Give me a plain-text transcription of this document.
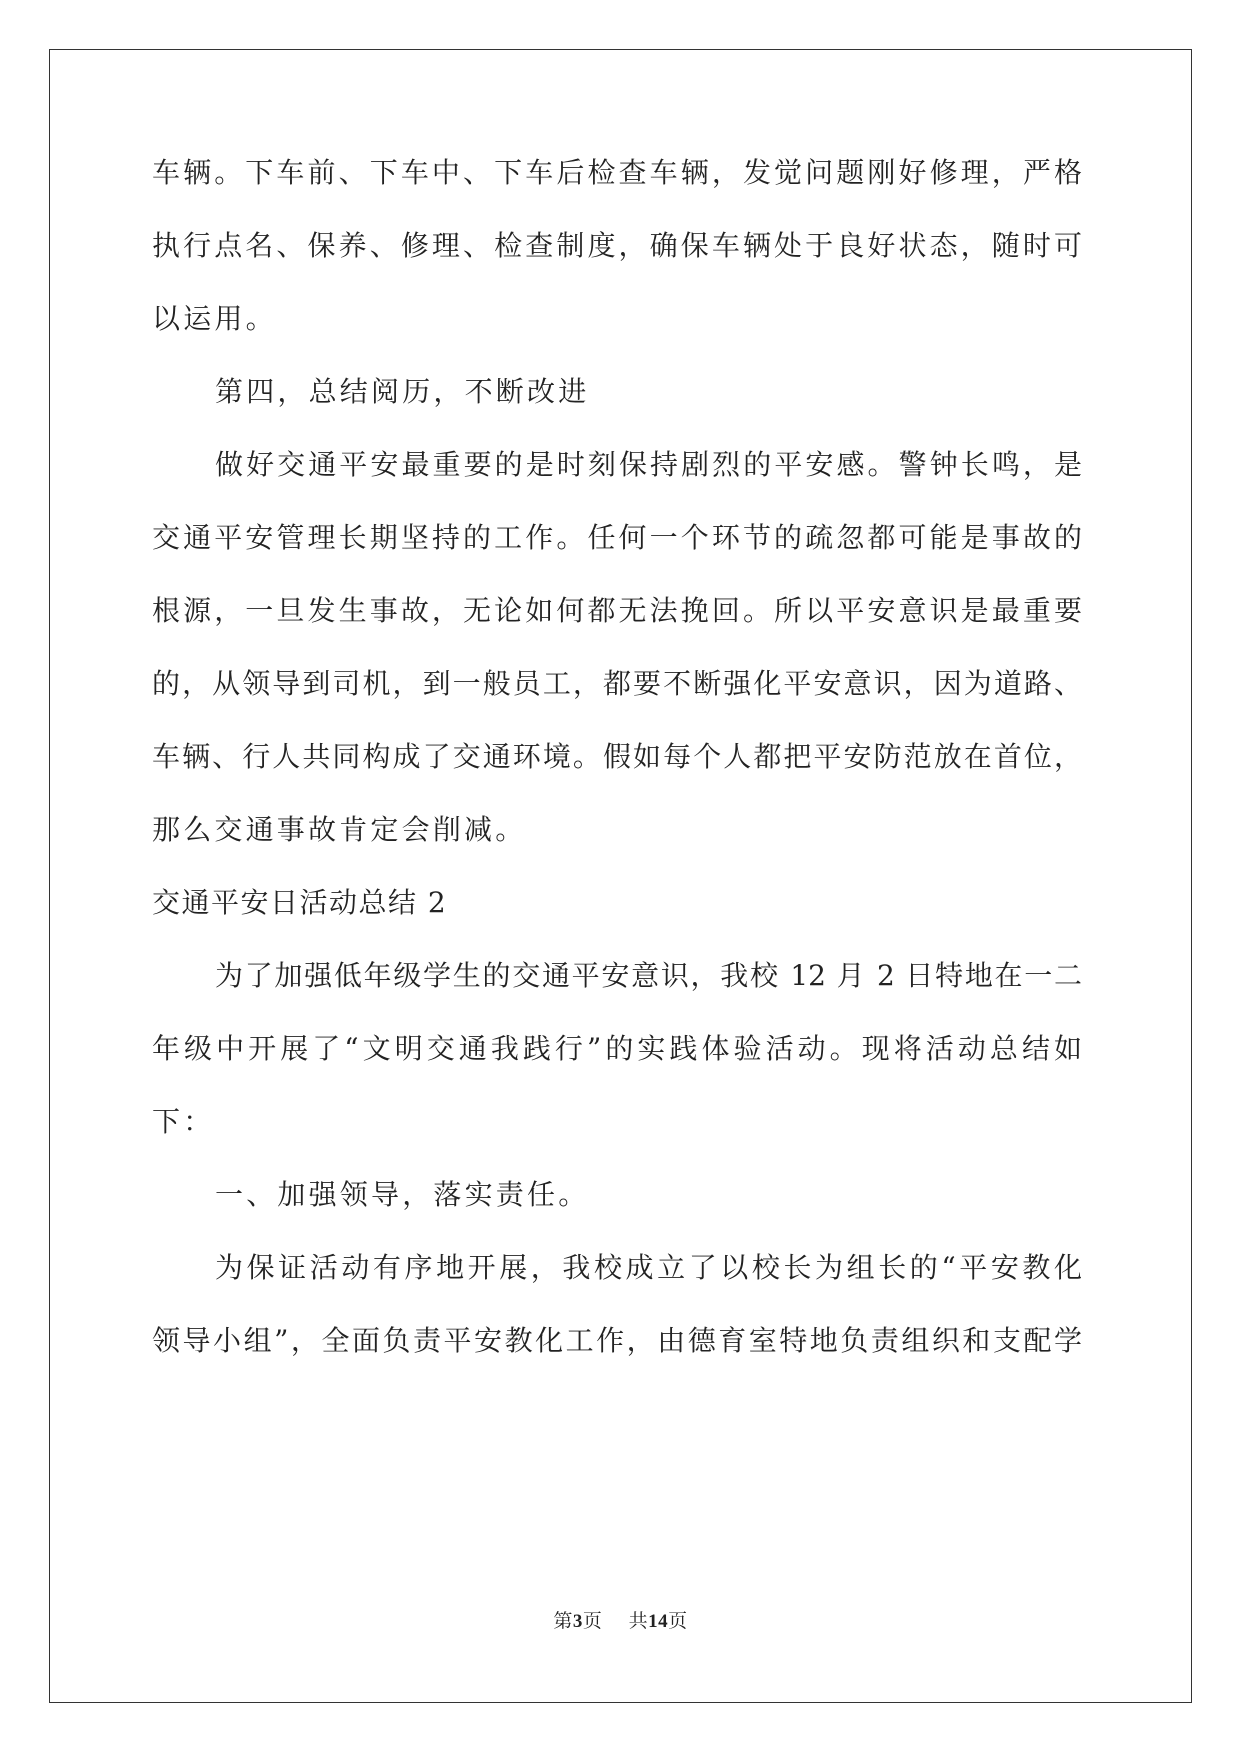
车辆。下车前、下车中、下车后检查车辆，发觉问题刚好修理，严格
执行点名、保养、修理、检查制度，确保车辆处于良好状态，随时可
以运用。
第四，总结阅历，不断改进
做好交通平安最重要的是时刻保持剧烈的平安感。警钟长鸣，是
交通平安管理长期坚持的工作。任何一个环节的疏忽都可能是事故的
根源，一旦发生事故，无论如何都无法挽回。所以平安意识是最重要
的，从领导到司机，到一般员工，都要不断强化平安意识，因为道路、
车辆、行人共同构成了交通环境。假如每个人都把平安防范放在首位，
那么交通事故肯定会削减。
交通平安日活动总结 2
为了加强低年级学生的交通平安意识，我校 12 月 2 日特地在一二
年级中开展了“文明交通我践行”的实践体验活动。现将活动总结如
下：
一、加强领导，落实责任。
为保证活动有序地开展，我校成立了以校长为组长的“平安教化
领导小组”，全面负责平安教化工作，由德育室特地负责组织和支配学
第3页 共14页
